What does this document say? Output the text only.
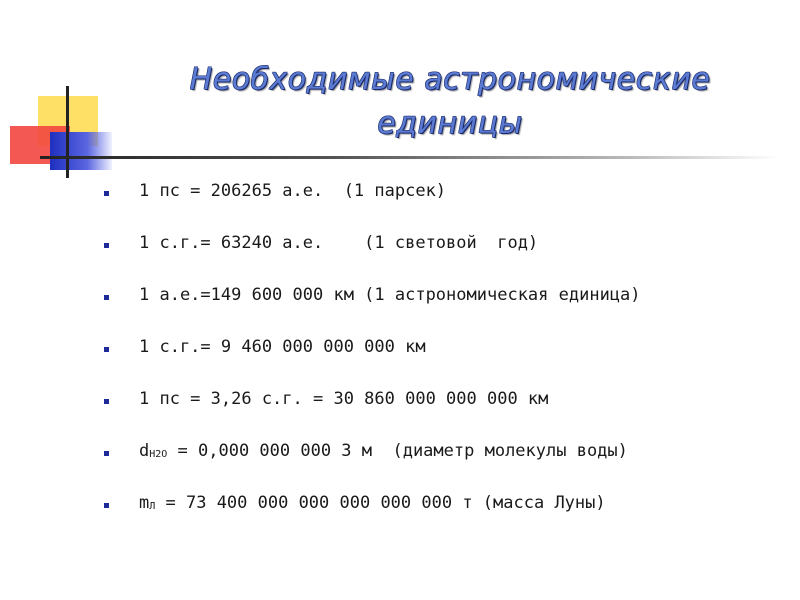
Необходимые астрономические
единицы
1 пс = 206265 а.е.  (1 парсек)
1 с.г.= 63240 а.е.    (1 световой  год)
1 а.е.=149 600 000 км (1 астрономическая единица)
1 с.г.= 9 460 000 000 000 км
1 пс = 3,26 с.г. = 30 860 000 000 000 км
d H2O = 0,000 000 000 3 м  (диаметр молекулы воды)
m Л = 73 400 000 000 000 000 000 т (масса Луны)
